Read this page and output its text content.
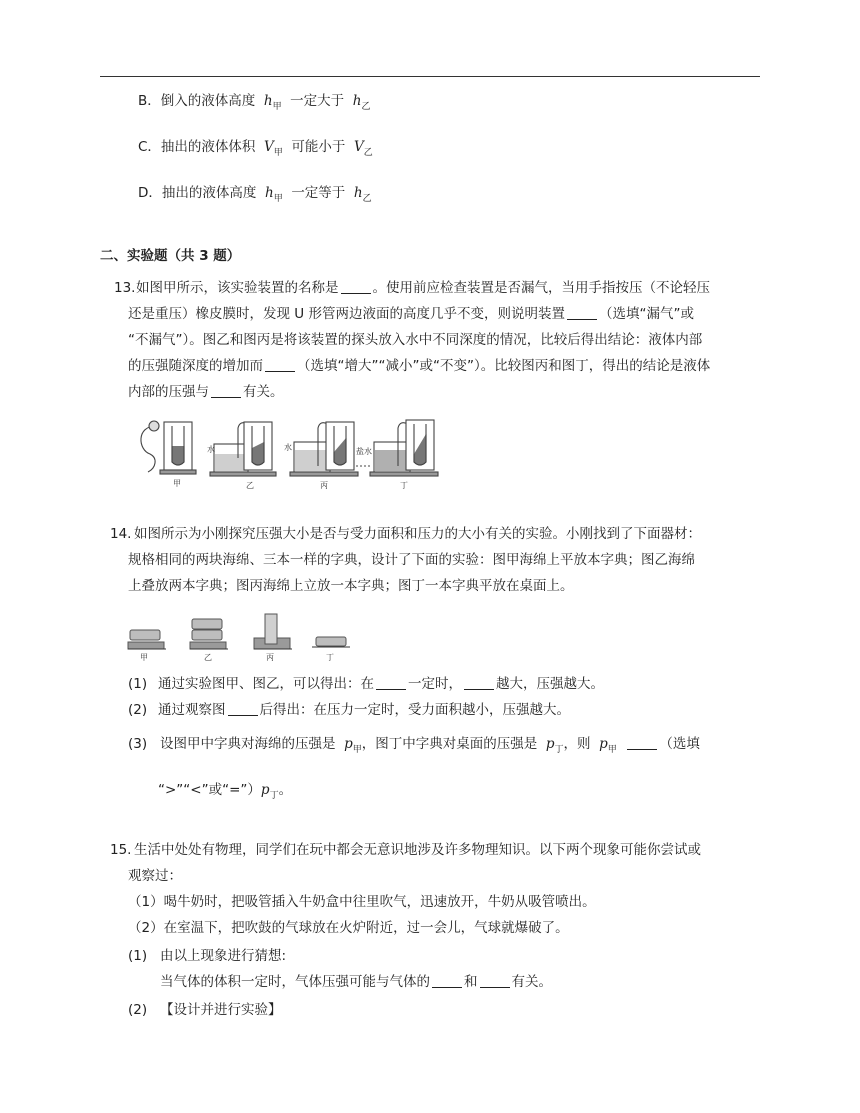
B．倒入的液体高度 $h_甲$ 一定大于 $h_乙$
C．抽出的液体体积 $V_甲$ 可能小于 $V_乙$
D．抽出的液体高度 $h_甲$ 一定等于 $h_乙$
二、实验题（共 3 题）
13. 如图甲所示，该实验装置的名称是	。使用前应检查装置是否漏气，当用手指按压（不论轻压
还是重压）橡皮膜时，发现 U 形管两边液面的高度几乎不变，则说明装置	（选填“漏气”或
“不漏气”）。图乙和图丙是将该装置的探头放入水中不同深度的情况，比较后得出结论：液体内部
的压强随深度的增加而	（选填“增大”“减小”或“不变”）。比较图丙和图丁，得出的结论是液体
内部的压强与	有关。
水	水	盐水
甲	乙	丙	丁
14. 如图所示为小刚探究压强大小是否与受力面积和压力的大小有关的实验。小刚找到了下面器材：
规格相同的两块海绵、三本一样的字典，设计了下面的实验：图甲海绵上平放本字典；图乙海绵
上叠放两本字典；图丙海绵上立放一本字典；图丁一本字典平放在桌面上。
甲	乙	丙	丁
(1) 通过实验图甲、图乙，可以得出：在	一定时，	越大，压强越大。
(2) 通过观察图	后得出：在压力一定时，受力面积越小，压强越大。
(3) 设图甲中字典对海绵的压强是 $p_甲$，图丁中字典对桌面的压强是 $p_丁$，则 $p_甲$	（选填
“>”“<”或“$=”)p_丁$。
15. 生活中处处有物理，同学们在玩中都会无意识地涉及许多物理知识。以下两个现象可能你尝试或
观察过：
（1）喝牛奶时，把吸管插入牛奶盒中往里吹气，迅速放开，牛奶从吸管喷出。
（2）在室温下，把吹鼓的气球放在火炉附近，过一会儿，气球就爆破了。
(1) 由以上现象进行猜想:
当气体的体积一定时，气体压强可能与气体的	和	有关。
(2) 【设计并进行实验】
